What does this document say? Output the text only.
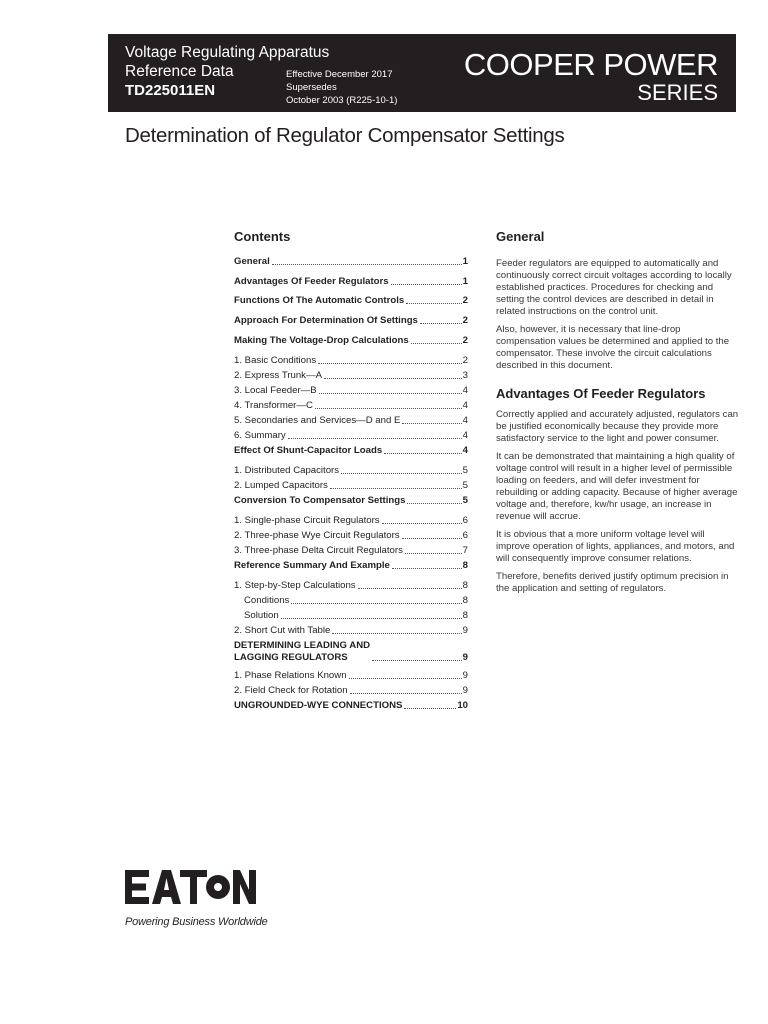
Voltage Regulating Apparatus
Reference Data
TD225011EN
Effective December 2017
Supersedes
October 2003 (R225-10-1)
COOPER POWER
SERIES
Determination of Regulator Compensator Settings
Contents
General	1
Advantages Of Feeder Regulators	1
Functions Of The Automatic Controls	2
Approach For Determination Of Settings	2
Making The Voltage-Drop Calculations	2
1. Basic Conditions	2
2. Express Trunk—A	3
3. Local Feeder—B	4
4. Transformer—C	4
5. Secondaries and Services—D and E	4
6. Summary	4
Effect Of Shunt-Capacitor Loads	4
1. Distributed Capacitors	5
2. Lumped Capacitors	5
Conversion To Compensator Settings	5
1. Single-phase Circuit Regulators	6
2. Three-phase Wye Circuit Regulators	6
3. Three-phase Delta Circuit Regulators	7
Reference Summary And Example	8
1. Step-by-Step Calculations	8
Conditions	8
Solution	8
2. Short Cut with Table	9
DETERMINING LEADING AND
LAGGING REGULATORS	9
1. Phase Relations Known	9
2. Field Check for Rotation	9
UNGROUNDED-WYE CONNECTIONS	10
General

Feeder regulators are equipped to automatically and continuously correct circuit voltages according to locally established practices. Procedures for checking and setting the control devices are described in detail in related instructions on the control unit.

Also, however, it is necessary that line-drop compensation values be determined and applied to the compensator. These involve the circuit calculations described in this document.

Advantages Of Feeder Regulators

Correctly applied and accurately adjusted, regulators can be justified economically because they provide more satisfactory service to the light and power consumer.

It can be demonstrated that maintaining a high quality of voltage control will result in a higher level of permissible loading on feeders, and will defer investment for rebuilding or adding capacity. Because of higher average voltage and, therefore, kw/hr usage, an increase in revenue will accrue.

It is obvious that a more uniform voltage level will improve operation of lights, appliances, and motors, and will consequently improve consumer relations.

Therefore, benefits derived justify optimum precision in the application and setting of regulators.

Powering Business Worldwide
